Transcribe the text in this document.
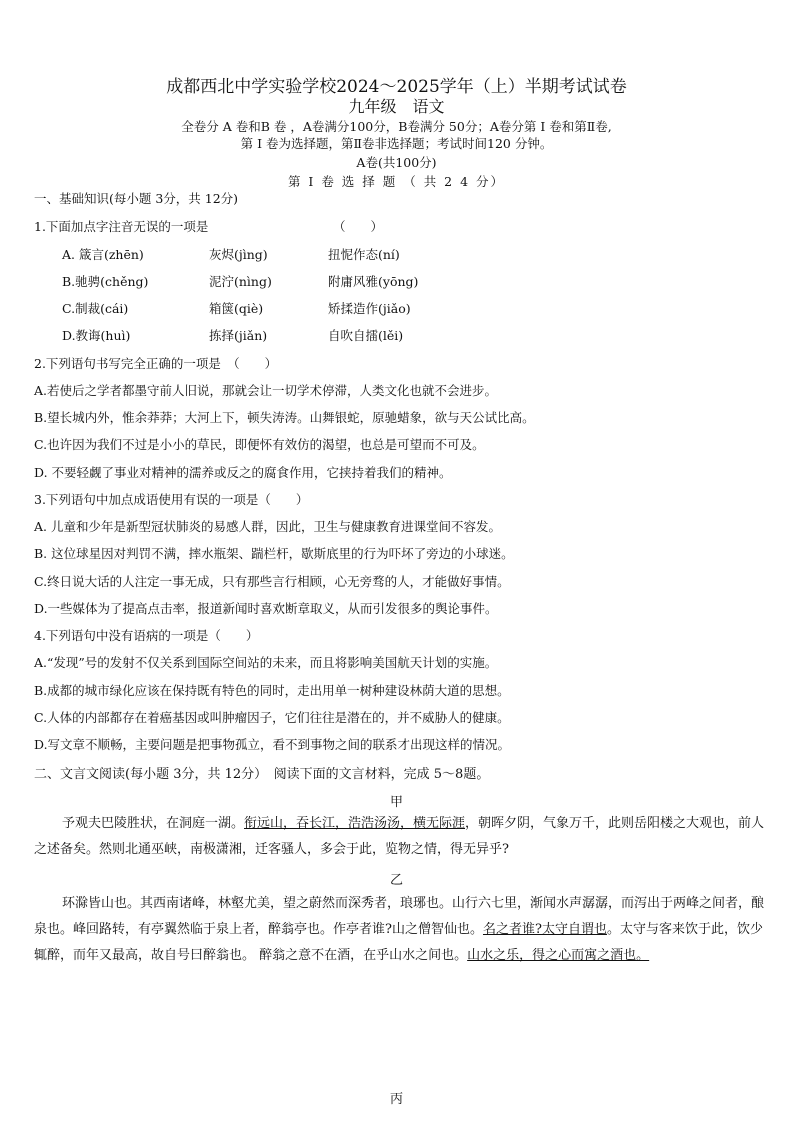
成都西北中学实验学校2024～2025学年（上）半期考试试卷
九年级　语文
全卷分 A 卷和B 卷 ，A卷满分100分，B卷满分 50分；A卷分第 I 卷和第Ⅱ卷,
第 I 卷为选择题，第Ⅱ卷非选择题；考试时间120 分钟。
A卷(共100分)
第 I 卷 选 择 题 （ 共 2 4 分）
一、基础知识(每小题 3分，共 12分)
1.下面加点字注音无误的一项是	（　　）
A. 箴言(zhēn)	灰烬(jìng)	扭怩作态(ní)
B.驰骋(chěng)	泥泞(nìng)	附庸风雅(yōng)
C.制裁(cái)	箱箧(qiè)	矫揉造作(jiǎo)
D.教诲(huì)	拣择(jiǎn)	自吹自擂(lěi)
2.下列语句书写完全正确的一项是　（　　）
A.若使后之学者都墨守前人旧说，那就会让一切学术停滞，人类文化也就不会进步。
B.望长城内外，惟余莽莽；大河上下，顿失涛涛。山舞银蛇，原驰蜡象，欲与天公试比高。
C.也许因为我们不过是小小的草民，即便怀有效仿的渴望，也总是可望而不可及。
D. 不要轻觑了事业对精神的濡养或反之的腐食作用，它挟持着我们的精神。
3.下列语句中加点成语使用有误的一项是（　　）
A. 儿童和少年是新型冠状肺炎的易感人群，因此，卫生与健康教育进课堂间不容发。
B. 这位球星因对判罚不满，摔水瓶架、踹栏杆，歇斯底里的行为吓坏了旁边的小球迷。
C.终日说大话的人注定一事无成，只有那些言行相顾，心无旁骛的人，才能做好事情。
D.一些媒体为了提高点击率，报道新闻时喜欢断章取义，从而引发很多的舆论事件。
4.下列语句中没有语病的一项是（　　）
A.“发现”号的发射不仅关系到国际空间站的未来，而且将影响美国航天计划的实施。
B.成都的城市绿化应该在保持既有特色的同时，走出用单一树种建设林荫大道的思想。
C.人体的内部都存在着癌基因或叫肿瘤因子，它们往往是潜在的，并不威胁人的健康。
D.写文章不顺畅，主要问题是把事物孤立，看不到事物之间的联系才出现这样的情况。
二、文言文阅读(每小题 3分，共 12分）　阅读下面的文言材料，完成 5～8题。
甲
予观夫巴陵胜状，在洞庭一湖。衔远山，吞长江，浩浩汤汤，横无际涯，朝晖夕阴，气象万千，此则岳阳楼之大观也，前人之述备矣。然则北通巫峡，南极潇湘，迁客骚人，多会于此，览物之情，得无异乎?
乙
环滁皆山也。其西南诸峰，林壑尤美，望之蔚然而深秀者，琅琊也。山行六七里，渐闻水声潺潺，而泻出于两峰之间者，酿泉也。峰回路转，有亭翼然临于泉上者，醉翁亭也。作亭者谁?山之僧智仙也。名之者谁?太守自谓也。太守与客来饮于此，饮少辄醉，而年又最高，故自号曰醉翁也。 醉翁之意不在酒，在乎山水之间也。山水之乐，得之心而寓之酒也。
丙
